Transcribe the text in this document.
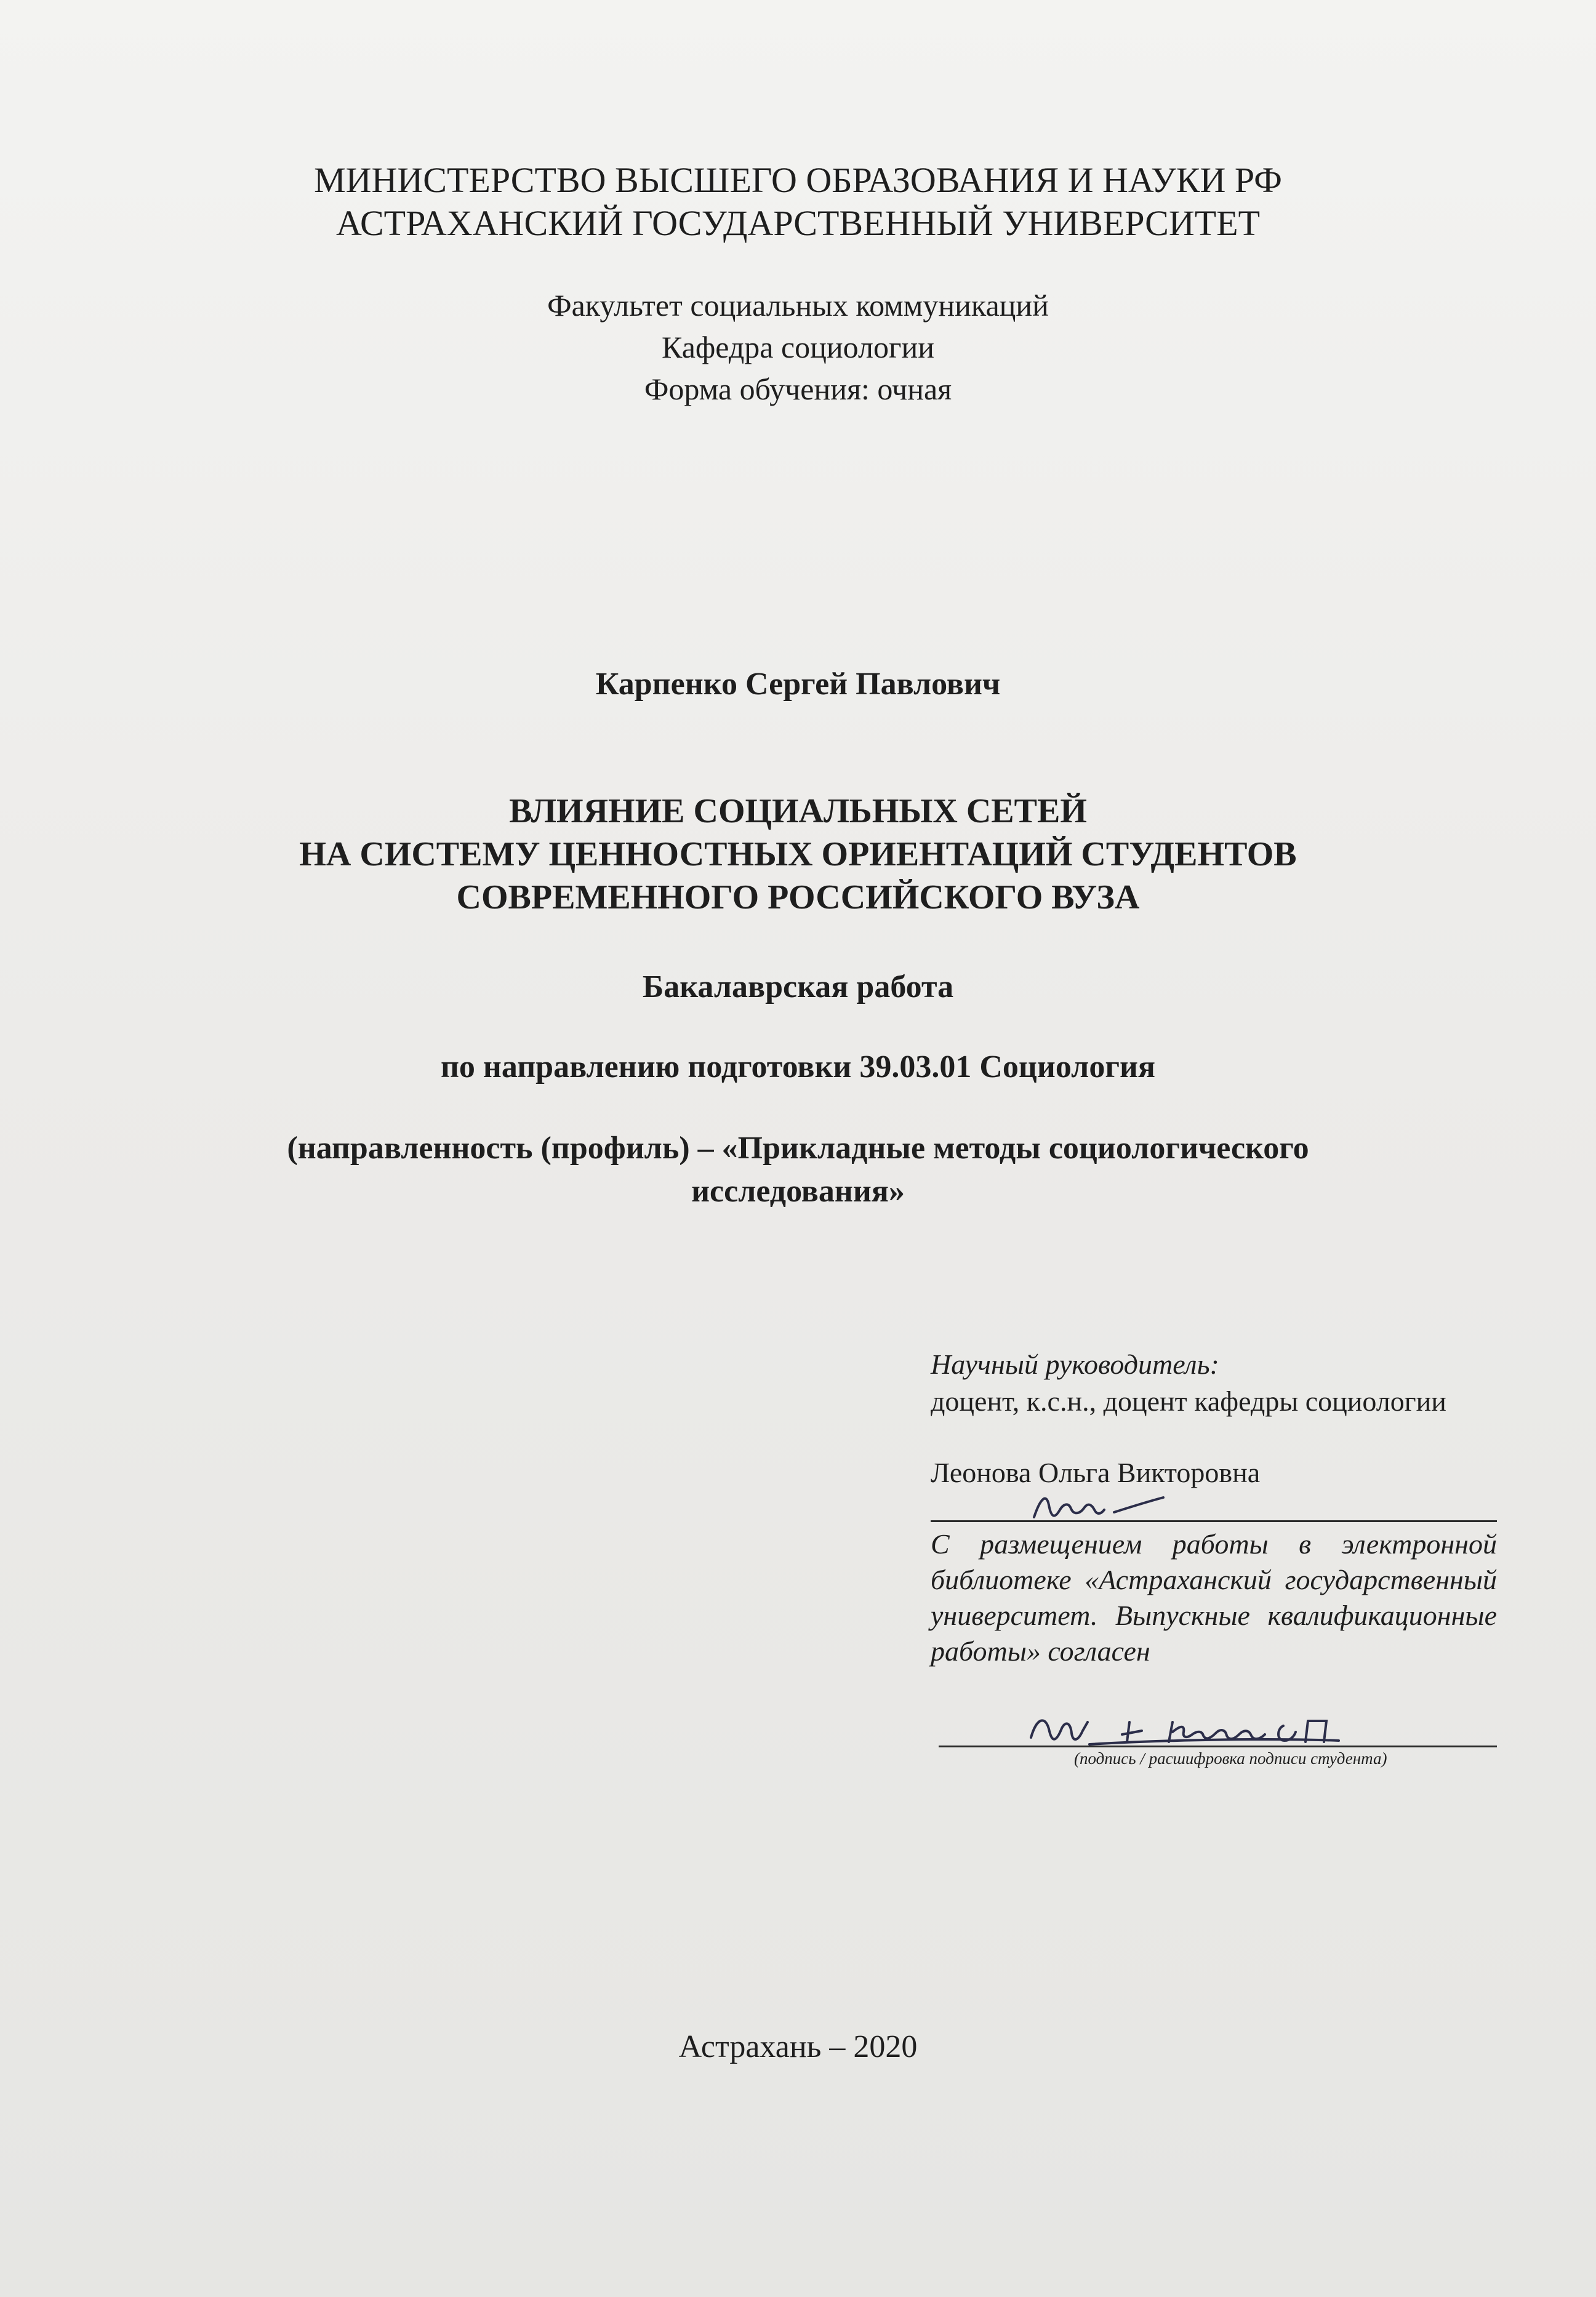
МИНИСТЕРСТВО ВЫСШЕГО ОБРАЗОВАНИЯ И НАУКИ РФ
АСТРАХАНСКИЙ ГОСУДАРСТВЕННЫЙ УНИВЕРСИТЕТ
Факультет социальных коммуникаций
Кафедра социологии
Форма обучения: очная
Карпенко Сергей Павлович
ВЛИЯНИЕ СОЦИАЛЬНЫХ СЕТЕЙ
НА СИСТЕМУ ЦЕННОСТНЫХ ОРИЕНТАЦИЙ СТУДЕНТОВ
СОВРЕМЕННОГО РОССИЙСКОГО ВУЗА
Бакалаврская работа
по направлению подготовки 39.03.01 Социология
(направленность (профиль) – «Прикладные методы социологического
исследования»
Научный руководитель:
доцент, к.с.н., доцент кафедры социологии
Леонова Ольга Викторовна
С размещением работы в электронной библиотеке «Астраханский государственный университет. Выпускные квалификационные работы» согласен
(подпись / расшифровка подписи студента)
Астрахань – 2020
